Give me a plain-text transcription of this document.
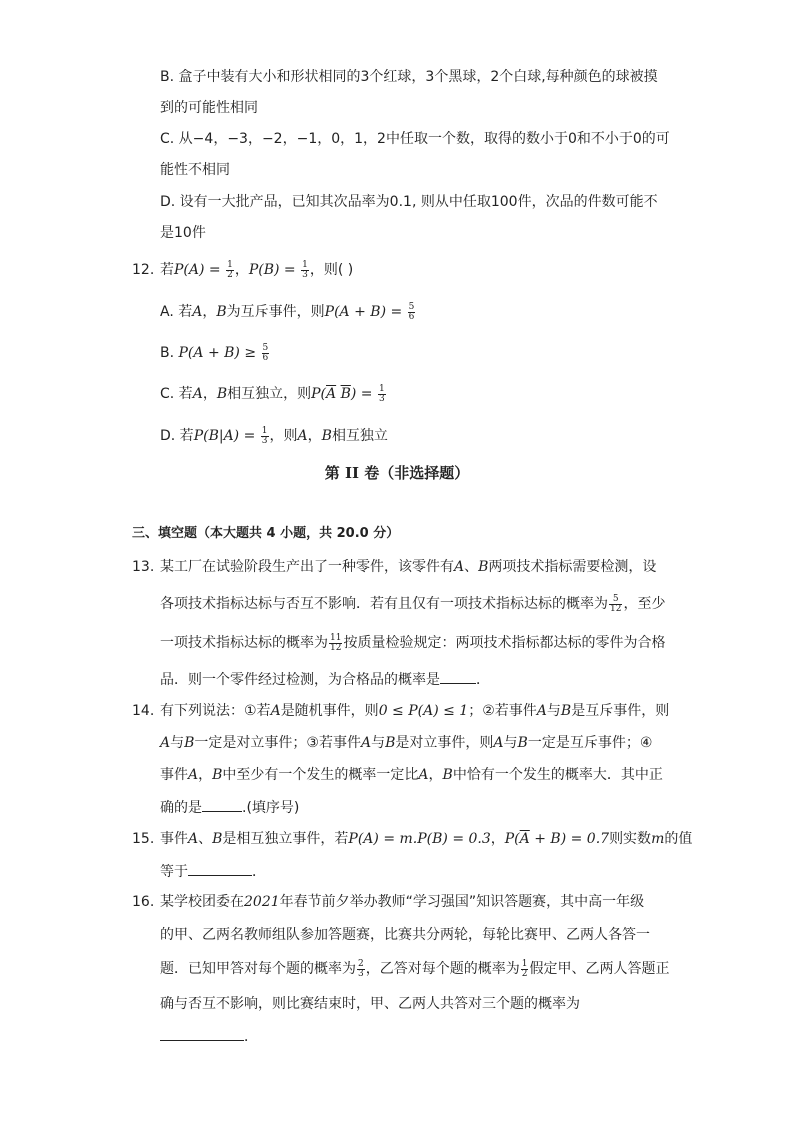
B. 盒子中装有大小和形状相同的3个红球，3个黑球，2个白球,每种颜色的球被摸
到的可能性相同
C. 从−4，−3，−2，−1，0，1，2中任取一个数，取得的数小于0和不小于0的可
能性不相同
D. 设有一大批产品，已知其次品率为0.1, 则从中任取100件，次品的件数可能不
是10件
12. 若$P(A) = \frac{1}{2}$ ，$P(B) = \frac{1}{3}$ ，则( )
A. 若A，B为互斥事件，则$P(A + B) = \frac{5}{6}$
B. $P(A + B) \ge \frac{5}{6}$
C. 若A，B相互独立，则$P(\overline{A}$ $\overline{B}) = \frac{1}{3}$
D. 若$P(B|A) = \frac{1}{3}$ ，则A，B相互独立
第 II 卷（非选择题）
三、填空题（本大题共 4 小题，共 20.0 分）
13. 某工厂在试验阶段生产出了一种零件，该零件有A、B两项技术指标需要检测，设
各项技术指标达标与否互不影响．若有且仅有一项技术指标达标的概率为 $\frac{5}{12}$ ，至少
一项技术指标达标的概率为 $\frac{11}{12}$ 按质量检验规定：两项技术指标都达标的零件为合格
品．则一个零件经过检测，为合格品的概率是	．
14. 有下列说法：①若A是随机事件，则0 ≤ P(A) ≤ 1；②若事件A与B是互斥事件，则
A与B一定是对立事件；③若事件A与B是对立事件，则A与B一定是互斥事件；④
事件A，B中至少有一个发生的概率一定比A，B中恰有一个发生的概率大．其中正
确的是	.(填序号)
15. 事件A、B是相互独立事件，若P(A) = m.P(B) = 0.3，$P(\overline{A} + B) = 0.7$则实数m的值
等于	．
16. 某学校团委在2021年春节前夕举办教师“学习强国”知识答题赛，其中高一年级
的甲、乙两名教师组队参加答题赛，比赛共分两轮，每轮比赛甲、乙两人各答一
题．已知甲答对每个题的概率为 $\frac{2}{3}$ ，乙答对每个题的概率为 $\frac{1}{2}$ 假定甲、乙两人答题正
确与否互不影响，则比赛结束时，甲、乙两人共答对三个题的概率为
．
